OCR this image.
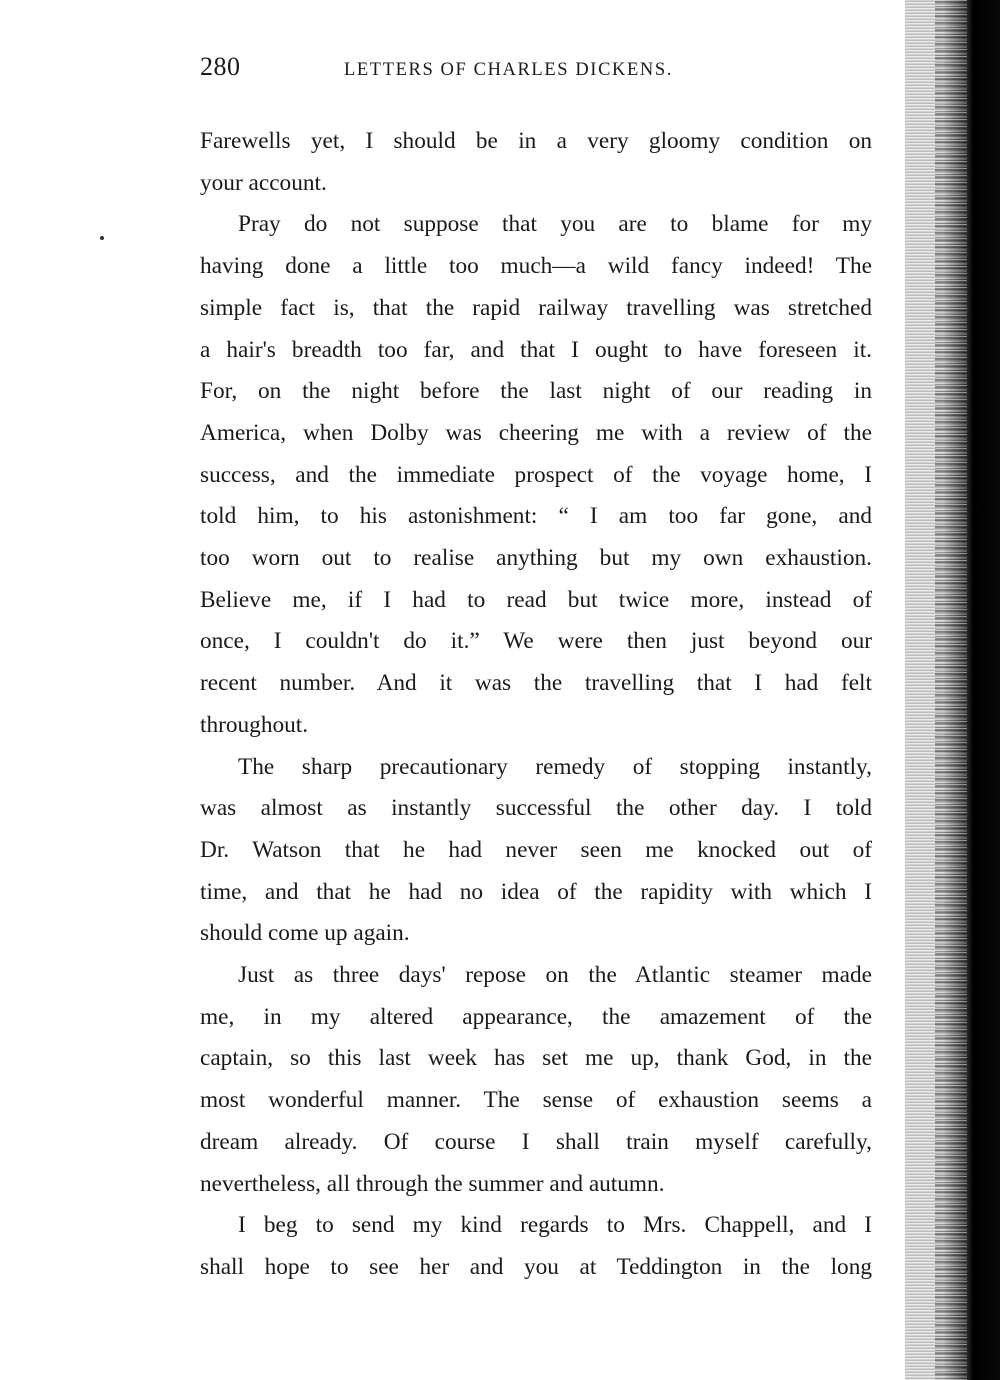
280	LETTERS OF CHARLES DICKENS.

Farewells yet, I should be in a very gloomy condition on
your account.

Pray do not suppose that you are to blame for my
having done a little too much—a wild fancy indeed! The
simple fact is, that the rapid railway travelling was stretched
a hair's breadth too far, and that I ought to have foreseen it.
For, on the night before the last night of our reading in
America, when Dolby was cheering me with a review of the
success, and the immediate prospect of the voyage home, I
told him, to his astonishment: “ I am too far gone, and
too worn out to realise anything but my own exhaustion.
Believe me, if I had to read but twice more, instead of
once, I couldn't do it.” We were then just beyond our
recent number. And it was the travelling that I had felt
throughout.

The sharp precautionary remedy of stopping instantly,
was almost as instantly successful the other day. I told
Dr. Watson that he had never seen me knocked out of
time, and that he had no idea of the rapidity with which I
should come up again.

Just as three days' repose on the Atlantic steamer made
me, in my altered appearance, the amazement of the
captain, so this last week has set me up, thank God, in the
most wonderful manner. The sense of exhaustion seems a
dream already. Of course I shall train myself carefully,
nevertheless, all through the summer and autumn.

I beg to send my kind regards to Mrs. Chappell, and I
shall hope to see her and you at Teddington in the long
